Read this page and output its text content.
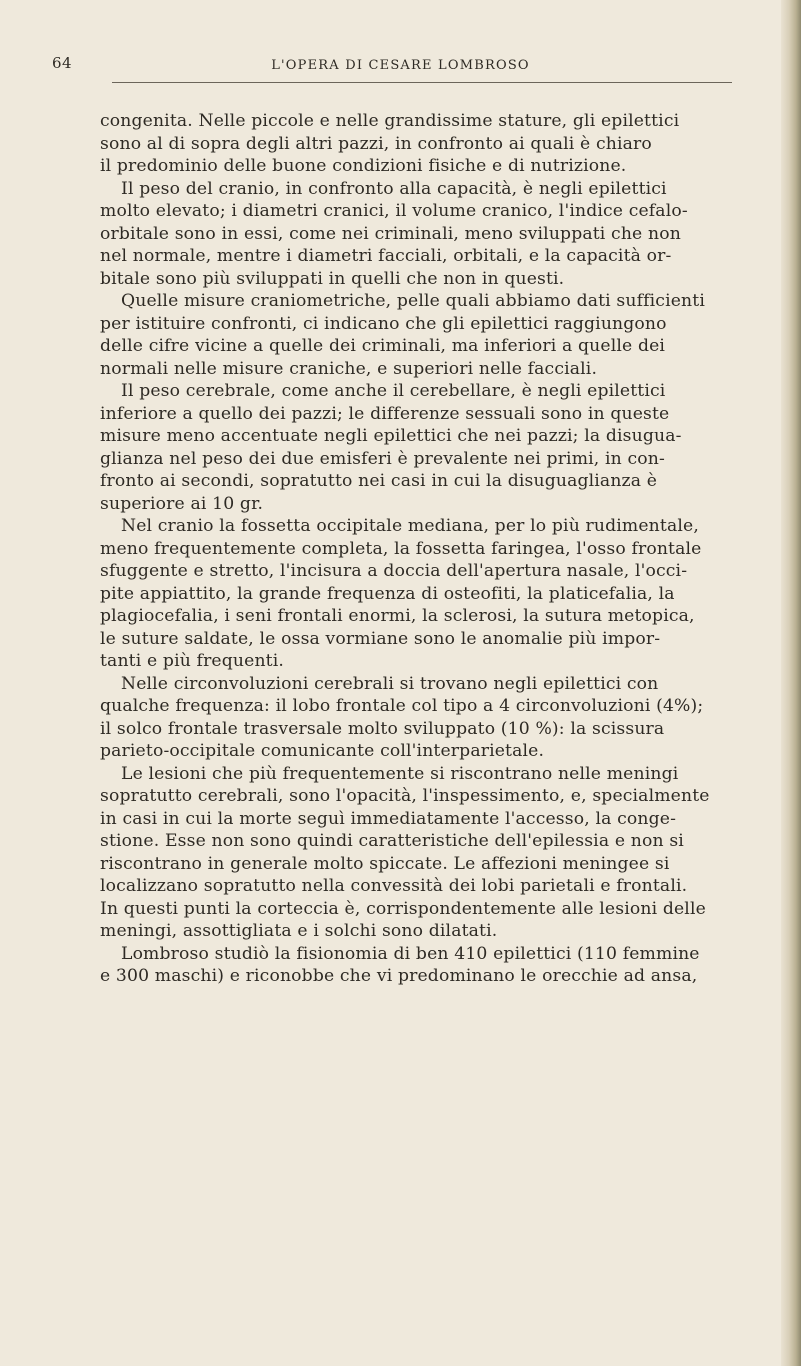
64	L'OPERA DI CESARE LOMBROSO
congenita. Nelle piccole e nelle grandissime stature, gli epilettici
sono al di sopra degli altri pazzi, in confronto ai quali è chiaro
il predominio delle buone condizioni fisiche e di nutrizione.
Il peso del cranio, in confronto alla capacità, è negli epilettici
molto elevato; i diametri cranici, il volume cranico, l'indice cefalo-
orbitale sono in essi, come nei criminali, meno sviluppati che non
nel normale, mentre i diametri facciali, orbitali, e la capacità or-
bitale sono più sviluppati in quelli che non in questi.
Quelle misure craniometriche, pelle quali abbiamo dati sufficienti
per istituire confronti, ci indicano che gli epilettici raggiungono
delle cifre vicine a quelle dei criminali, ma inferiori a quelle dei
normali nelle misure craniche, e superiori nelle facciali.
Il peso cerebrale, come anche il cerebellare, è negli epilettici
inferiore a quello dei pazzi; le differenze sessuali sono in queste
misure meno accentuate negli epilettici che nei pazzi; la disugua-
glianza nel peso dei due emisferi è prevalente nei primi, in con-
fronto ai secondi, sopratutto nei casi in cui la disuguaglianza è
superiore ai 10 gr.
Nel cranio la fossetta occipitale mediana, per lo più rudimentale,
meno frequentemente completa, la fossetta faringea, l'osso frontale
sfuggente e stretto, l'incisura a doccia dell'apertura nasale, l'occi-
pite appiattito, la grande frequenza di osteofiti, la platicefalia, la
plagiocefalia, i seni frontali enormi, la sclerosi, la sutura metopica,
le suture saldate, le ossa vormiane sono le anomalie più impor-
tanti e più frequenti.
Nelle circonvoluzioni cerebrali si trovano negli epilettici con
qualche frequenza: il lobo frontale col tipo a 4 circonvoluzioni (4%);
il solco frontale trasversale molto sviluppato (10 %): la scissura
parieto-occipitale comunicante coll'interparietale.
Le lesioni che più frequentemente si riscontrano nelle meningi
sopratutto cerebrali, sono l'opacità, l'inspessimento, e, specialmente
in casi in cui la morte seguì immediatamente l'accesso, la conge-
stione. Esse non sono quindi caratteristiche dell'epilessia e non si
riscontrano in generale molto spiccate. Le affezioni meningee si
localizzano sopratutto nella convessità dei lobi parietali e frontali.
In questi punti la corteccia è, corrispondentemente alle lesioni delle
meningi, assottigliata e i solchi sono dilatati.
Lombroso studiò la fisionomia di ben 410 epilettici (110 femmine
e 300 maschi) e riconobbe che vi predominano le orecchie ad ansa,
